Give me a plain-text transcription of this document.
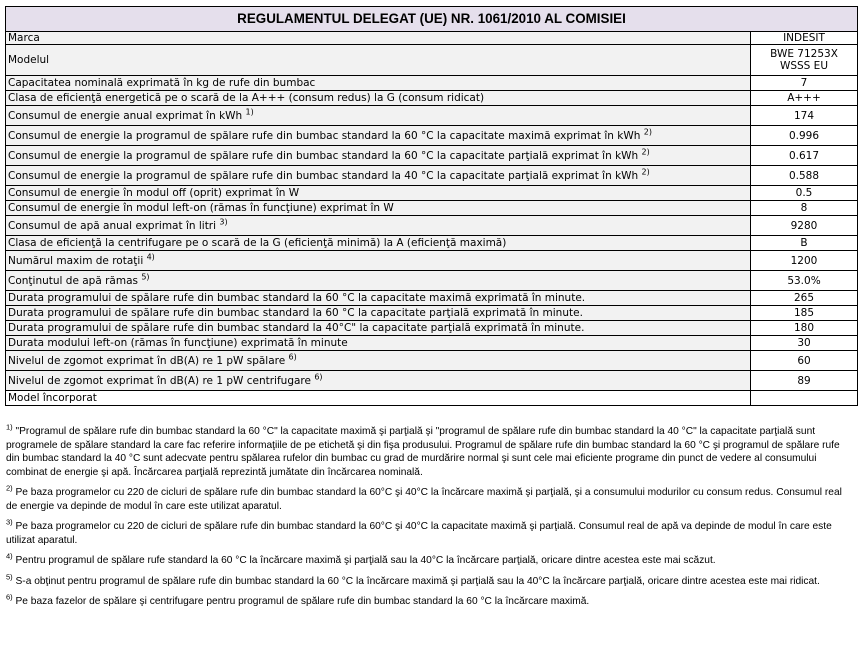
REGULAMENTUL DELEGAT (UE) NR. 1061/2010 AL COMISIEI	
Marca	INDESIT
Modelul	BWE 71253X WSSS EU
Capacitatea nominală exprimată în kg de rufe din bumbac	7
Clasa de eficienţă energetică pe o scară de la A+++ (consum redus) la G (consum ridicat)	A+++
Consumul de energie anual exprimat în kWh $^{1)}$	174
Consumul de energie la programul de spălare rufe din bumbac standard la 60 °C la capacitate maximă exprimat în kWh $^{2)}$	0.996
Consumul de energie la programul de spălare rufe din bumbac standard la 60 °C la capacitate parţială exprimat în kWh $^{2)}$	0.617
Consumul de energie la programul de spălare rufe din bumbac standard la 40 °C la capacitate parţială exprimat în kWh $^{2)}$	0.588
Consumul de energie în modul off (oprit) exprimat în W	0.5
Consumul de energie în modul left-on (rămas în funcţiune) exprimat în W	8
Consumul de apă anual exprimat în litri $^{3)}$	9280
Clasa de eficienţă la centrifugare pe o scară de la G (eficienţă minimă) la A (eficienţă maximă)	B
Numărul maxim de rotaţii $^{4)}$	1200
Conţinutul de apă rămas $^{5)}$	53.0%
Durata programului de spălare rufe din bumbac standard la 60 °C la capacitate maximă exprimată în minute.	265
Durata programului de spălare rufe din bumbac standard la 60 °C la capacitate parţială exprimată în minute.	185
Durata programului de spălare rufe din bumbac standard la 40°C" la capacitate parţială exprimată în minute.	180
Durata modului left-on (rămas în funcţiune) exprimată în minute	30
Nivelul de zgomot exprimat în dB(A) re 1 pW spălare $^{6)}$	60
Nivelul de zgomot exprimat în dB(A) re 1 pW centrifugare $^{6)}$	89
Model încorporat	
$^{1)}$ "Programul de spălare rufe din bumbac standard la 60 °C" la capacitate maximă şi parţială şi "programul de spălare rufe din bumbac standard la 40 °C" la capacitate parţială sunt programele de spălare standard la care fac referire informaţiile de pe etichetă şi din fişa produsului. Programul de spălare rufe din bumbac standard la 60 °C şi programul de spălare rufe din bumbac standard la 40 °C sunt adecvate pentru spălarea rufelor din bumbac cu grad de murdărire normal şi sunt cele mai eficiente programe din punct de vedere al consumului combinat de energie şi apă. Încărcarea parţială reprezintă jumătate din încărcarea nominală.
$^{2)}$ Pe baza programelor cu 220 de cicluri de spălare rufe din bumbac standard la 60°C şi 40°C la încărcare maximă şi parţială, şi a consumului modurilor cu consum redus. Consumul real de energie va depinde de modul în care este utilizat aparatul.
$^{3)}$ Pe baza programelor cu 220 de cicluri de spălare rufe din bumbac standard la 60°C şi 40°C la capacitate maximă şi parţială. Consumul real de apă va depinde de modul în care este utilizat aparatul.
$^{4)}$ Pentru programul de spălare rufe standard la 60 °C la încărcare maximă şi parţială sau la 40°C la încărcare parţială, oricare dintre acestea este mai scăzut.
$^{5)}$ S-a obţinut pentru programul de spălare rufe din bumbac standard la 60 °C la încărcare maximă şi parţială sau la 40°C la încărcare parţială, oricare dintre acestea este mai ridicat.
$^{6)}$ Pe baza fazelor de spălare şi centrifugare pentru programul de spălare rufe din bumbac standard la 60 °C la încărcare maximă.
